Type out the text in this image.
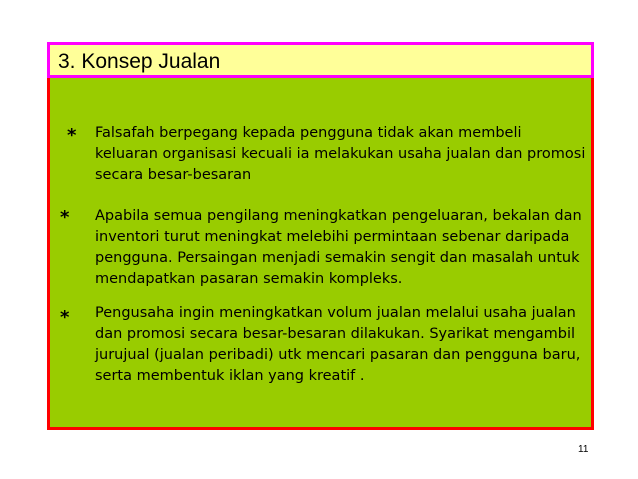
3. Konsep Jualan
* Falsafah berpegang kepada pengguna tidak akan membeli keluaran organisasi kecuali ia melakukan usaha jualan dan promosi secara besar-besaran
* Apabila semua pengilang meningkatkan pengeluaran, bekalan dan inventori turut meningkat melebihi permintaan sebenar daripada pengguna. Persaingan menjadi semakin sengit dan masalah untuk mendapatkan pasaran semakin kompleks.
* Pengusaha ingin meningkatkan volum jualan melalui usaha jualan dan promosi secara besar-besaran dilakukan. Syarikat mengambil jurujual (jualan peribadi) utk mencari pasaran dan pengguna baru, serta membentuk iklan yang kreatif .
11
